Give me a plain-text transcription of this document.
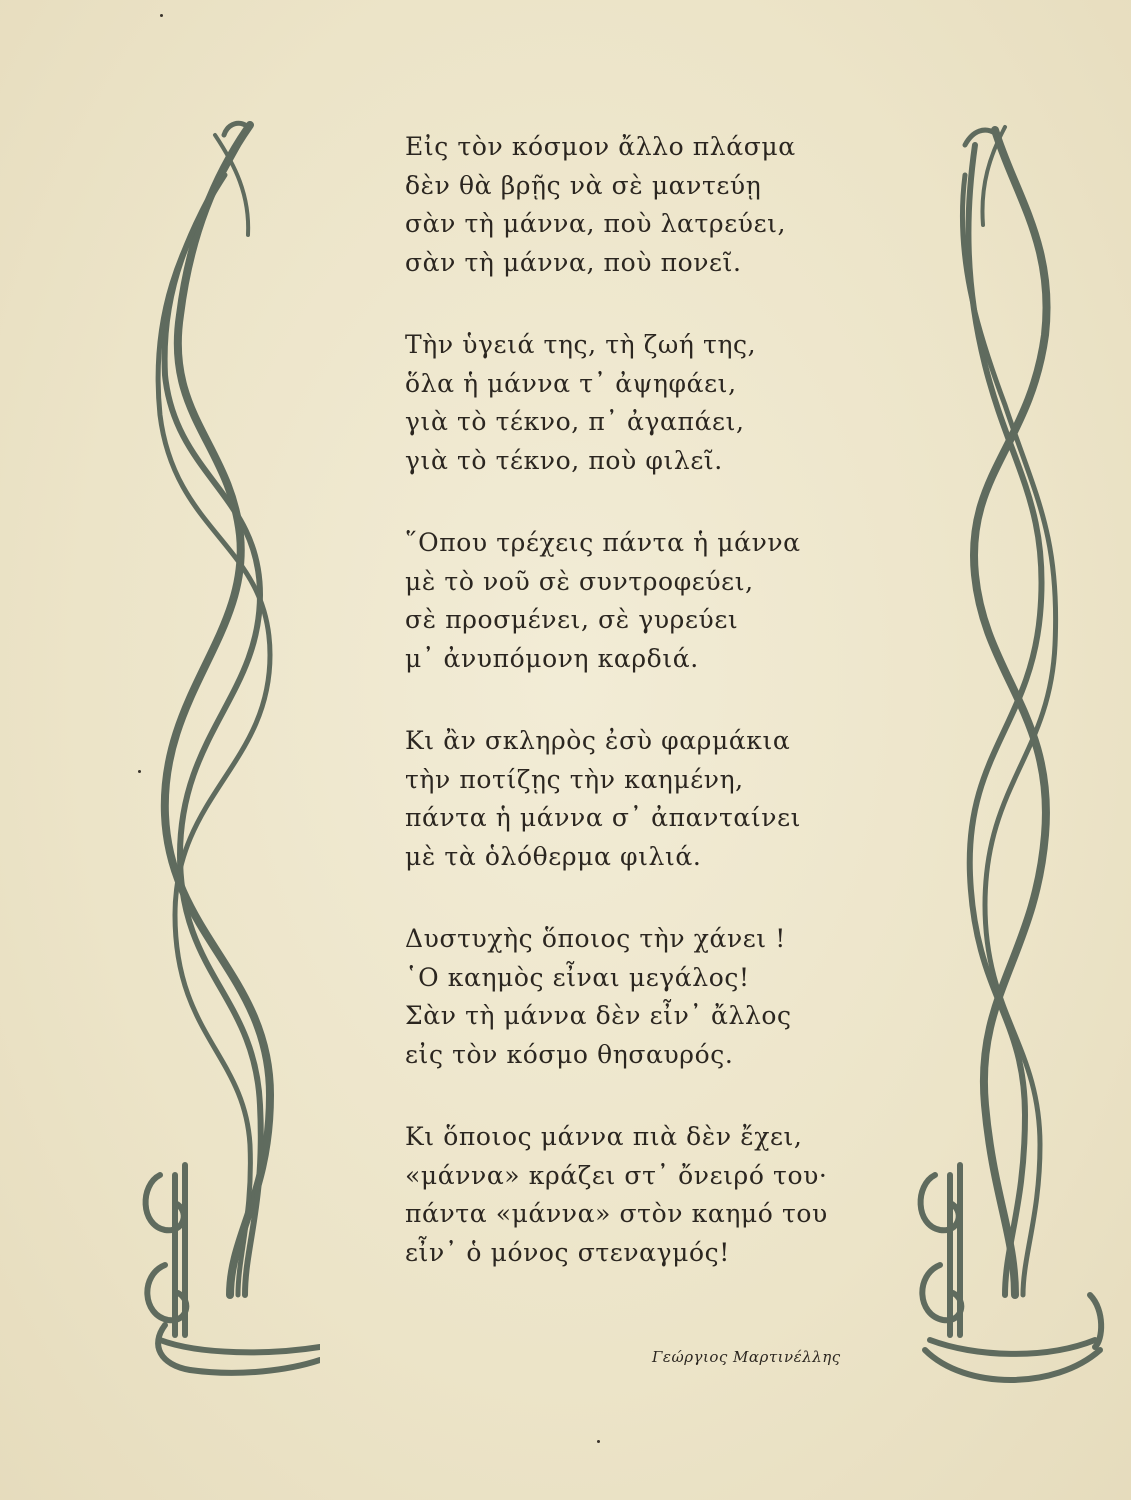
Εἰς τὸν κόσμον ἄλλο πλάσμα
δὲν θὰ βρῇς νὰ σὲ μαντεύῃ
σὰν τὴ μάννα, ποὺ λατρεύει,
σὰν τὴ μάννα, ποὺ πονεῖ.
Τὴν ὑγειά της, τὴ ζωή της,
ὅλα ἡ μάννα τ᾿ ἀψηφάει,
γιὰ τὸ τέκνο, π᾿ ἀγαπάει,
γιὰ τὸ τέκνο, ποὺ φιλεῖ.
῞Οπου τρέχεις πάντα ἡ μάννα
μὲ τὸ νοῦ σὲ συντροφεύει,
σὲ προσμένει, σὲ γυρεύει
μ᾿ ἀνυπόμονη καρδιά.
Κι ἂν σκληρὸς ἐσὺ φαρμάκια
τὴν ποτίζῃς τὴν καημένη,
πάντα ἡ μάννα σ᾿ ἀπανταίνει
μὲ τὰ ὁλόθερμα φιλιά.
Δυστυχὴς ὅποιος τὴν χάνει !
῾Ο καημὸς εἶναι μεγάλος!
Σὰν τὴ μάννα δὲν εἶν᾿ ἄλλος
εἰς τὸν κόσμο θησαυρός.
Κι ὅποιος μάννα πιὰ δὲν ἔχει,
«μάννα» κράζει στ᾿ ὄνειρό του·
πάντα «μάννα» στὸν καημό του
εἶν᾿ ὁ μόνος στεναγμός!
Γεώργιος Μαρτινέλλης
